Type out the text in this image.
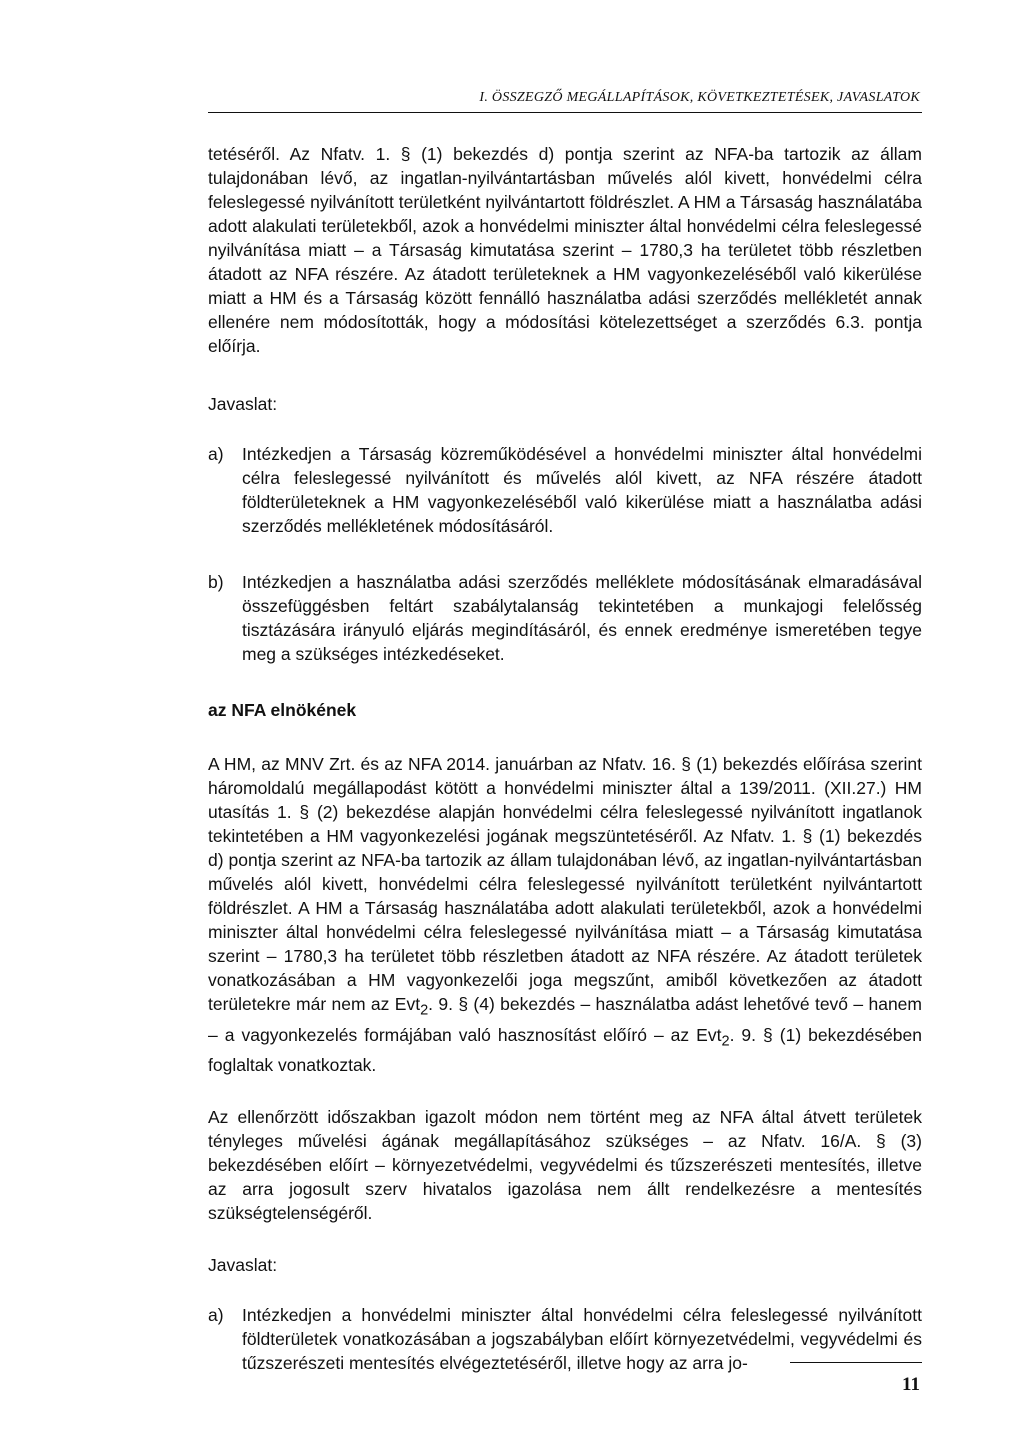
I. ÖSSZEGZŐ MEGÁLLAPÍTÁSOK, KÖVETKEZTETÉSEK, JAVASLATOK

tetéséről. Az Nfatv. 1. § (1) bekezdés d) pontja szerint az NFA-ba tartozik az állam tulajdonában lévő, az ingatlan-nyilvántartásban művelés alól kivett, honvédelmi célra feleslegessé nyilvánított területként nyilvántartott földrészlet. A HM a Társaság használatába adott alakulati területekből, azok a honvédelmi miniszter által honvédelmi célra feleslegessé nyilvánítása miatt – a Társaság kimutatása szerint – 1780,3 ha területet több részletben átadott az NFA részére. Az átadott területeknek a HM vagyonkezeléséből való kikerülése miatt a HM és a Társaság között fennálló használatba adási szerződés mellékletét annak ellenére nem módosították, hogy a módosítási kötelezettséget a szerződés 6.3. pontja előírja.

Javaslat:

a)	Intézkedjen a Társaság közreműködésével a honvédelmi miniszter által honvédelmi célra feleslegessé nyilvánított és művelés alól kivett, az NFA részére átadott földterületeknek a HM vagyonkezeléséből való kikerülése miatt a használatba adási szerződés mellékletének módosításáról.
b)	Intézkedjen a használatba adási szerződés melléklete módosításának elmaradásával összefüggésben feltárt szabálytalanság tekintetében a munkajogi felelősség tisztázására irányuló eljárás megindításáról, és ennek eredménye ismeretében tegye meg a szükséges intézkedéseket.

az NFA elnökének

A HM, az MNV Zrt. és az NFA 2014. januárban az Nfatv. 16. § (1) bekezdés előírása szerint háromoldalú megállapodást kötött a honvédelmi miniszter által a 139/2011. (XII.27.) HM utasítás 1. § (2) bekezdése alapján honvédelmi célra feleslegessé nyilvánított ingatlanok tekintetében a HM vagyonkezelési jogának megszüntetéséről. Az Nfatv. 1. § (1) bekezdés d) pontja szerint az NFA-ba tartozik az állam tulajdonában lévő, az ingatlan-nyilvántartásban művelés alól kivett, honvédelmi célra feleslegessé nyilvánított területként nyilvántartott földrészlet. A HM a Társaság használatába adott alakulati területekből, azok a honvédelmi miniszter által honvédelmi célra feleslegessé nyilvánítása miatt – a Társaság kimutatása szerint – 1780,3 ha területet több részletben átadott az NFA részére. Az átadott területek vonatkozásában a HM vagyonkezelői joga megszűnt, amiből következően az átadott területekre már nem az Evt$_2$. 9. § (4) bekezdés – használatba adást lehetővé tevő – hanem – a vagyonkezelés formájában való hasznosítást előíró – az Evt$_2$. 9. § (1) bekezdésében foglaltak vonatkoztak.

Az ellenőrzött időszakban igazolt módon nem történt meg az NFA által átvett területek tényleges művelési ágának megállapításához szükséges – az Nfatv. 16/A. § (3) bekezdésében előírt – környezetvédelmi, vegyvédelmi és tűzszerészeti mentesítés, illetve az arra jogosult szerv hivatalos igazolása nem állt rendelkezésre a mentesítés szükségtelenségéről.

Javaslat:

a)	Intézkedjen a honvédelmi miniszter által honvédelmi célra feleslegessé nyilvánított földterületek vonatkozásában a jogszabályban előírt környezetvédelmi, vegyvédelmi és tűzszerészeti mentesítés elvégeztetéséről, illetve hogy az arra jo-
11
